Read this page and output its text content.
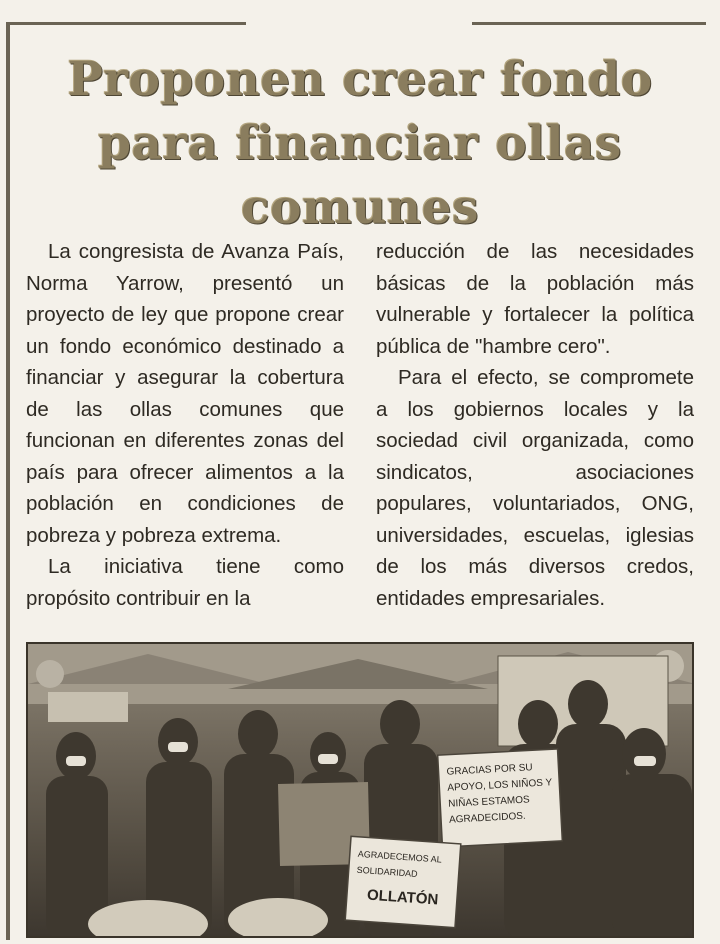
Proponen crear fondo
para financiar ollas
comunes

La congresista de Avanza País, Norma Yarrow, presentó un proyecto de ley que propone crear un fondo económico destinado a financiar y asegurar la cobertura de las ollas comunes que funcionan en diferentes zonas del país para ofrecer alimentos a la población en condiciones de pobreza y pobreza extrema.

La iniciativa tiene como propósito contribuir en la

reducción de las necesidades básicas de la población más vulnerable y fortalecer la política pública de "hambre cero".

Para el efecto, se compromete a los gobiernos locales y la sociedad civil organizada, como sindicatos, asociaciones populares, voluntariados, ONG, universidades, escuelas, iglesias de los más diversos credos, entidades empresariales.

GRACIAS POR SU
APOYO, LOS NIÑOS Y
NIÑAS ESTAMOS
AGRADECIDOS.
AGRADECEMOS AL
SOLIDARIDAD
OLLATÓN
